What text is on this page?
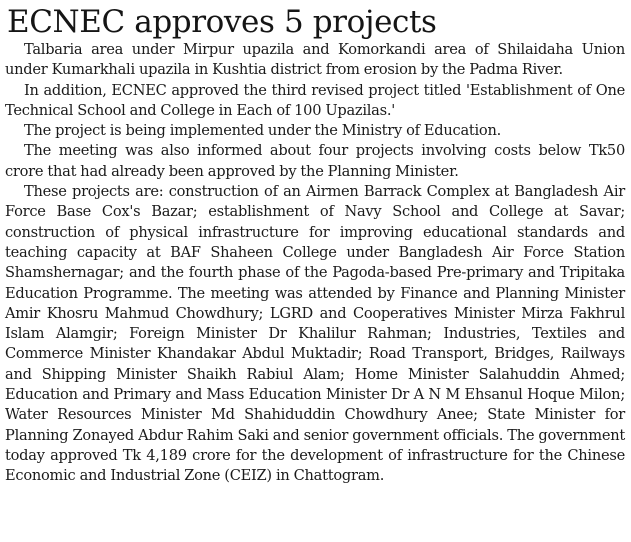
ECNEC approves 5 projects

Talbaria area under Mirpur upazila and Komorkandi area of Shilaidaha Union under Kumarkhali upazila in Kushtia district from erosion by the Padma River.

In addition, ECNEC approved the third revised project titled 'Establishment of One Technical School and College in Each of 100 Upazilas.'

The project is being implemented under the Ministry of Education.

The meeting was also informed about four projects involving costs below Tk50 crore that had already been approved by the Planning Minister.

These projects are: construction of an Airmen Barrack Complex at Bangladesh Air Force Base Cox's Bazar; establishment of Navy School and College at Savar; construction of physical infrastructure for improving educational standards and teaching capacity at BAF Shaheen College under Bangladesh Air Force Station Shamshernagar; and the fourth phase of the Pagoda-based Pre-primary and Tripitaka Education Programme. The meeting was attended by Finance and Planning Minister Amir Khosru Mahmud Chowdhury; LGRD and Cooperatives Minister Mirza Fakhrul Islam Alamgir; Foreign Minister Dr Khalilur Rahman; Industries, Textiles and Commerce Minister Khandakar Abdul Muktadir; Road Transport, Bridges, Railways and Shipping Minister Shaikh Rabiul Alam; Home Minister Salahuddin Ahmed; Education and Primary and Mass Education Minister Dr A N M Ehsanul Hoque Milon; Water Resources Minister Md Shahiduddin Chowdhury Anee; State Minister for Planning Zonayed Abdur Rahim Saki and senior government officials. The government today approved Tk 4,189 crore for the development of infrastructure for the Chinese Economic and Industrial Zone (CEIZ) in Chattogram.
